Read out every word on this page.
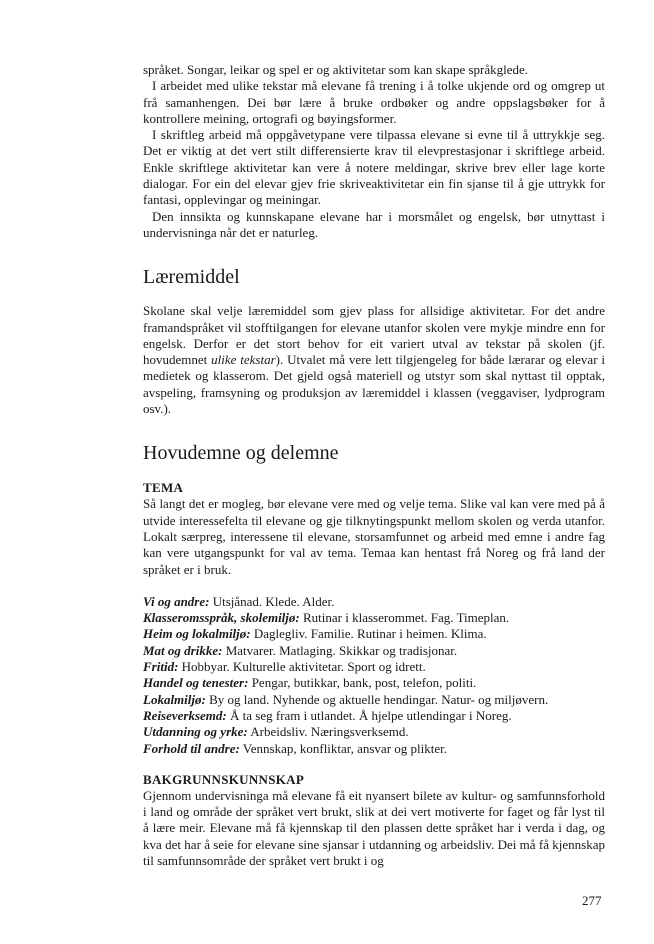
språket. Songar, leikar og spel er og aktivitetar som kan skape språkglede.

I arbeidet med ulike tekstar må elevane få trening i å tolke ukjende ord og omgrep ut frå samanhengen. Dei bør lære å bruke ordbøker og andre oppslagsbøker for å kontrollere meining, ortografi og bøyingsformer.

I skriftleg arbeid må oppgåvetypane vere tilpassa elevane si evne til å uttrykkje seg. Det er viktig at det vert stilt differensierte krav til elevprestasjonar i skriftlege arbeid. Enkle skriftlege aktivitetar kan vere å notere meldingar, skrive brev eller lage korte dialogar. For ein del elevar gjev frie skriveaktivitetar ein fin sjanse til å gje uttrykk for fantasi, opplevingar og meiningar.

Den innsikta og kunnskapane elevane har i morsmålet og engelsk, bør utnyttast i undervisninga når det er naturleg.

Læremiddel

Skolane skal velje læremiddel som gjev plass for allsidige aktivitetar. For det andre framandspråket vil stofftilgangen for elevane utanfor skolen vere mykje mindre enn for engelsk. Derfor er det stort behov for eit variert utval av tekstar på skolen (jf. hovudemnet ulike tekstar). Utvalet må vere lett tilgjengeleg for både lærarar og elevar i medietek og klasserom. Det gjeld også materiell og utstyr som skal nyttast til opptak, avspeling, framsyning og produksjon av læremiddel i klassen (veggaviser, lydprogram osv.).

Hovudemne og delemne
TEMA

Så langt det er mogleg, bør elevane vere med og velje tema. Slike val kan vere med på å utvide interessefelta til elevane og gje tilknytingspunkt mellom skolen og verda utanfor. Lokalt særpreg, interessene til elevane, storsamfunnet og arbeid med emne i andre fag kan vere utgangspunkt for val av tema. Temaa kan hentast frå Noreg og frå land der språket er i bruk.

Vi og andre: Utsjånad. Klede. Alder.

Klasseromsspråk, skolemiljø: Rutinar i klasserommet. Fag. Timeplan.

Heim og lokalmiljø: Daglegliv. Familie. Rutinar i heimen. Klima.

Mat og drikke: Matvarer. Matlaging. Skikkar og tradisjonar.

Fritid: Hobbyar. Kulturelle aktivitetar. Sport og idrett.

Handel og tenester: Pengar, butikkar, bank, post, telefon, politi.

Lokalmiljø: By og land. Nyhende og aktuelle hendingar. Natur- og miljøvern.

Reiseverksemd: Å ta seg fram i utlandet. Å hjelpe utlendingar i Noreg.

Utdanning og yrke: Arbeidsliv. Næringsverksemd.

Forhold til andre: Vennskap, konfliktar, ansvar og plikter.

BAKGRUNNSKUNNSKAP

Gjennom undervisninga må elevane få eit nyansert bilete av kultur- og samfunnsforhold i land og område der språket vert brukt, slik at dei vert motiverte for faget og får lyst til å lære meir. Elevane må få kjennskap til den plassen dette språket har i verda i dag, og kva det har å seie for elevane sine sjansar i utdanning og arbeidsliv. Dei må få kjennskap til samfunnsområde der språket vert brukt i og

277
